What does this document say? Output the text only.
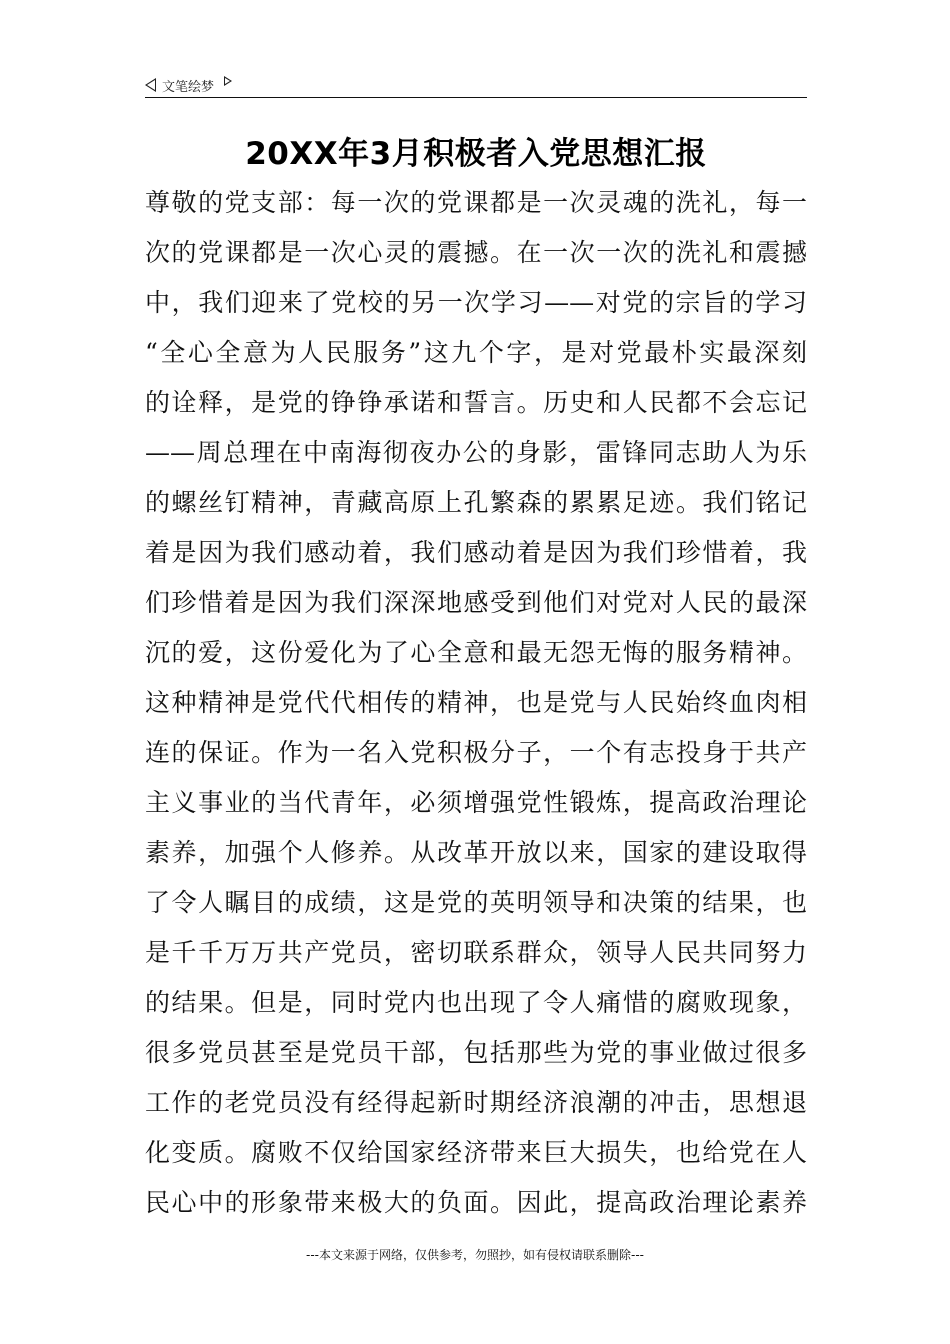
文笔绘梦
20XX年3月积极者入党思想汇报
尊敬的党支部：每一次的党课都是一次灵魂的洗礼，每一
次的党课都是一次心灵的震撼。在一次一次的洗礼和震撼
中，我们迎来了党校的另一次学习——对党的宗旨的学习
“全心全意为人民服务”这九个字，是对党最朴实最深刻
的诠释，是党的铮铮承诺和誓言。历史和人民都不会忘记
——周总理在中南海彻夜办公的身影，雷锋同志助人为乐
的螺丝钉精神，青藏高原上孔繁森的累累足迹。我们铭记
着是因为我们感动着，我们感动着是因为我们珍惜着，我
们珍惜着是因为我们深深地感受到他们对党对人民的最深
沉的爱，这份爱化为了心全意和最无怨无悔的服务精神。
这种精神是党代代相传的精神，也是党与人民始终血肉相
连的保证。作为一名入党积极分子，一个有志投身于共产
主义事业的当代青年，必须增强党性锻炼，提高政治理论
素养，加强个人修养。从改革开放以来，国家的建设取得
了令人瞩目的成绩，这是党的英明领导和决策的结果，也
是千千万万共产党员，密切联系群众，领导人民共同努力
的结果。但是，同时党内也出现了令人痛惜的腐败现象，
很多党员甚至是党员干部，包括那些为党的事业做过很多
工作的老党员没有经得起新时期经济浪潮的冲击，思想退
化变质。腐败不仅给国家经济带来巨大损失，也给党在人
民心中的形象带来极大的负面。因此，提高政治理论素养
---本文来源于网络，仅供参考，勿照抄，如有侵权请联系删除---
